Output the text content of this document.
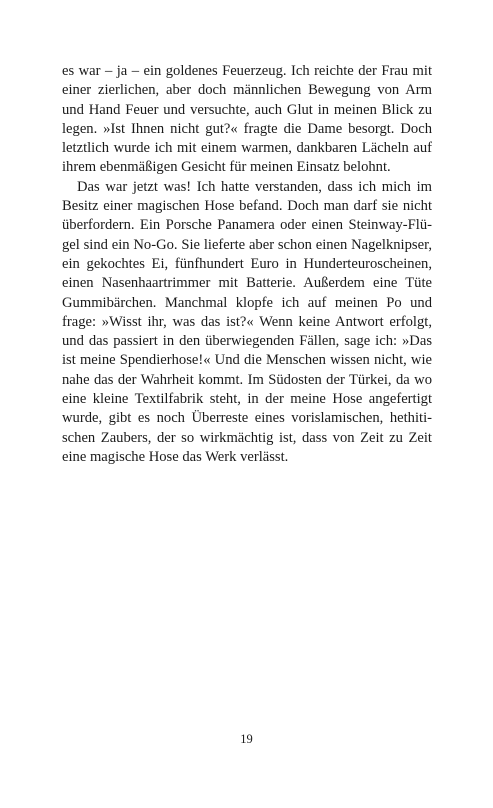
es war – ja – ein goldenes Feuerzeug. Ich reichte der Frau mit einer zierlichen, aber doch männlichen Bewegung von Arm und Hand Feuer und versuchte, auch Glut in meinen Blick zu legen. »Ist Ihnen nicht gut?« fragte die Dame besorgt. Doch letztlich wurde ich mit einem warmen, dankbaren Lächeln auf ihrem ebenmäßigen Gesicht für meinen Einsatz belohnt.

Das war jetzt was! Ich hatte verstanden, dass ich mich im Besitz einer magischen Hose befand. Doch man darf sie nicht überfordern. Ein Porsche Panamera oder einen Steinway-Flügel sind ein No-Go. Sie lieferte aber schon einen Nagelknipser, ein gekochtes Ei, fünfhundert Euro in Hunderteuroscheinen, einen Nasenhaartrimmer mit Batterie. Außerdem eine Tüte Gummibärchen. Manchmal klopfe ich auf meinen Po und frage: »Wisst ihr, was das ist?« Wenn keine Antwort erfolgt, und das passiert in den überwiegenden Fällen, sage ich: »Das ist meine Spendierhose!« Und die Menschen wissen nicht, wie nahe das der Wahrheit kommt. Im Südosten der Türkei, da wo eine kleine Textilfabrik steht, in der meine Hose angefertigt wurde, gibt es noch Überreste eines vorislamischen, hethitischen Zaubers, der so wirkmächtig ist, dass von Zeit zu Zeit eine magische Hose das Werk verlässt.

19
